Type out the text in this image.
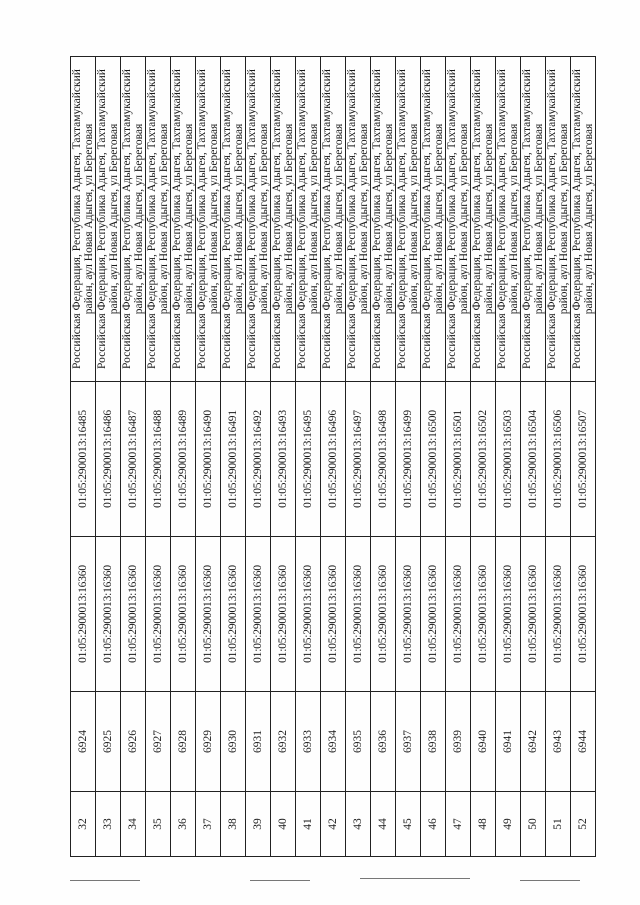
32	6924	01:05:2900013:16360	01:05:2900013:16485	Российская Федерация, Республика Адыгея, Тахтамукайский район, аул Новая Адыгея, ул Береговая
33	6925	01:05:2900013:16360	01:05:2900013:16486	Российская Федерация, Республика Адыгея, Тахтамукайский район, аул Новая Адыгея, ул Береговая
34	6926	01:05:2900013:16360	01:05:2900013:16487	Российская Федерация, Республика Адыгея, Тахтамукайский район, аул Новая Адыгея, ул Береговая
35	6927	01:05:2900013:16360	01:05:2900013:16488	Российская Федерация, Республика Адыгея, Тахтамукайский район, аул Новая Адыгея, ул Береговая
36	6928	01:05:2900013:16360	01:05:2900013:16489	Российская Федерация, Республика Адыгея, Тахтамукайский район, аул Новая Адыгея, ул Береговая
37	6929	01:05:2900013:16360	01:05:2900013:16490	Российская Федерация, Республика Адыгея, Тахтамукайский район, аул Новая Адыгея, ул Береговая
38	6930	01:05:2900013:16360	01:05:2900013:16491	Российская Федерация, Республика Адыгея, Тахтамукайский район, аул Новая Адыгея, ул Береговая
39	6931	01:05:2900013:16360	01:05:2900013:16492	Российская Федерация, Республика Адыгея, Тахтамукайский район, аул Новая Адыгея, ул Береговая
40	6932	01:05:2900013:16360	01:05:2900013:16493	Российская Федерация, Республика Адыгея, Тахтамукайский район, аул Новая Адыгея, ул Береговая
41	6933	01:05:2900013:16360	01:05:2900013:16495	Российская Федерация, Республика Адыгея, Тахтамукайский район, аул Новая Адыгея, ул Береговая
42	6934	01:05:2900013:16360	01:05:2900013:16496	Российская Федерация, Республика Адыгея, Тахтамукайский район, аул Новая Адыгея, ул Береговая
43	6935	01:05:2900013:16360	01:05:2900013:16497	Российская Федерация, Республика Адыгея, Тахтамукайский район, аул Новая Адыгея, ул Береговая
44	6936	01:05:2900013:16360	01:05:2900013:16498	Российская Федерация, Республика Адыгея, Тахтамукайский район, аул Новая Адыгея, ул Береговая
45	6937	01:05:2900013:16360	01:05:2900013:16499	Российская Федерация, Республика Адыгея, Тахтамукайский район, аул Новая Адыгея, ул Береговая
46	6938	01:05:2900013:16360	01:05:2900013:16500	Российская Федерация, Республика Адыгея, Тахтамукайский район, аул Новая Адыгея, ул Береговая
47	6939	01:05:2900013:16360	01:05:2900013:16501	Российская Федерация, Республика Адыгея, Тахтамукайский район, аул Новая Адыгея, ул Береговая
48	6940	01:05:2900013:16360	01:05:2900013:16502	Российская Федерация, Республика Адыгея, Тахтамукайский район, аул Новая Адыгея, ул Береговая
49	6941	01:05:2900013:16360	01:05:2900013:16503	Российская Федерация, Республика Адыгея, Тахтамукайский район, аул Новая Адыгея, ул Береговая
50	6942	01:05:2900013:16360	01:05:2900013:16504	Российская Федерация, Республика Адыгея, Тахтамукайский район, аул Новая Адыгея, ул Береговая
51	6943	01:05:2900013:16360	01:05:2900013:16506	Российская Федерация, Республика Адыгея, Тахтамукайский район, аул Новая Адыгея, ул Береговая
52	6944	01:05:2900013:16360	01:05:2900013:16507	Российская Федерация, Республика Адыгея, Тахтамукайский район, аул Новая Адыгея, ул Береговая
